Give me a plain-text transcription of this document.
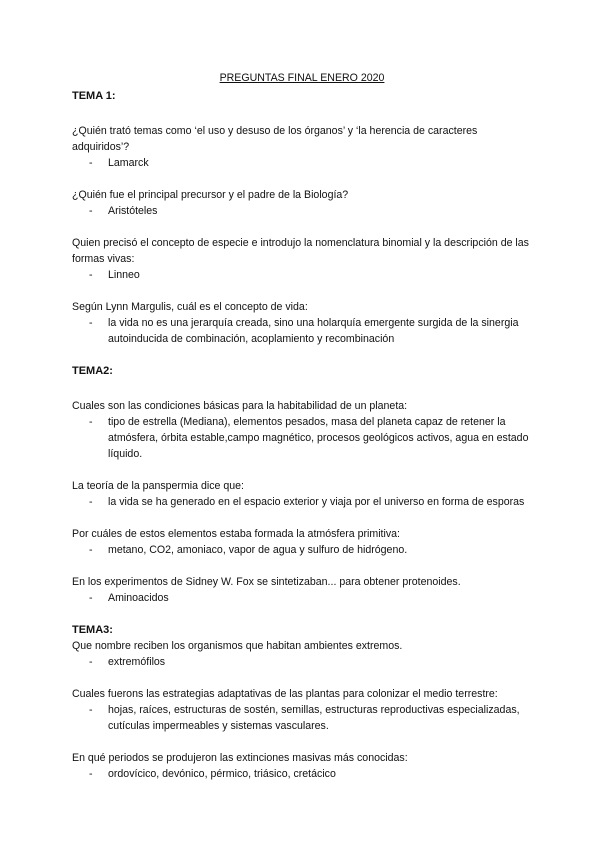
PREGUNTAS FINAL ENERO 2020
TEMA 1:
¿Quién trató temas como ‘el uso y desuso de los órganos’ y ‘la herencia de caracteres adquiridos’?
- Lamarck
¿Quién fue el principal precursor y el padre de la Biología?
- Aristóteles
Quien precisó el concepto de especie e introdujo la nomenclatura binomial y la descripción de las formas vivas:
- Linneo
Según Lynn Margulis, cuál es el concepto de vida:
- la vida no es una jerarquía creada, sino una holarquía emergente surgida de la sinergia autoinducida de combinación, acoplamiento y recombinación
TEMA2:
Cuales son las condiciones básicas para la habitabilidad de un planeta:
- tipo de estrella (Mediana), elementos pesados, masa del planeta capaz de retener la atmósfera, órbita estable,campo magnético, procesos geológicos activos, agua en estado líquido.
La teoría de la panspermia dice que:
- la vida se ha generado en el espacio exterior y viaja por el universo en forma de esporas
Por cuáles de estos elementos estaba formada la atmósfera primitiva:
- metano, CO2, amoniaco, vapor de agua y sulfuro de hidrógeno.
En los experimentos de Sidney W. Fox se sintetizaban... para obtener protenoides.
- Aminoacidos
TEMA3:
Que nombre reciben los organismos que habitan ambientes extremos.
- extremófilos
Cuales fuerons las estrategias adaptativas de las plantas para colonizar el medio terrestre:
- hojas, raíces, estructuras de sostén, semillas, estructuras reproductivas especializadas, cutículas impermeables y sistemas vasculares.
En qué periodos se produjeron las extinciones masivas más conocidas:
- ordovícico, devónico, pérmico, triásico, cretácico
